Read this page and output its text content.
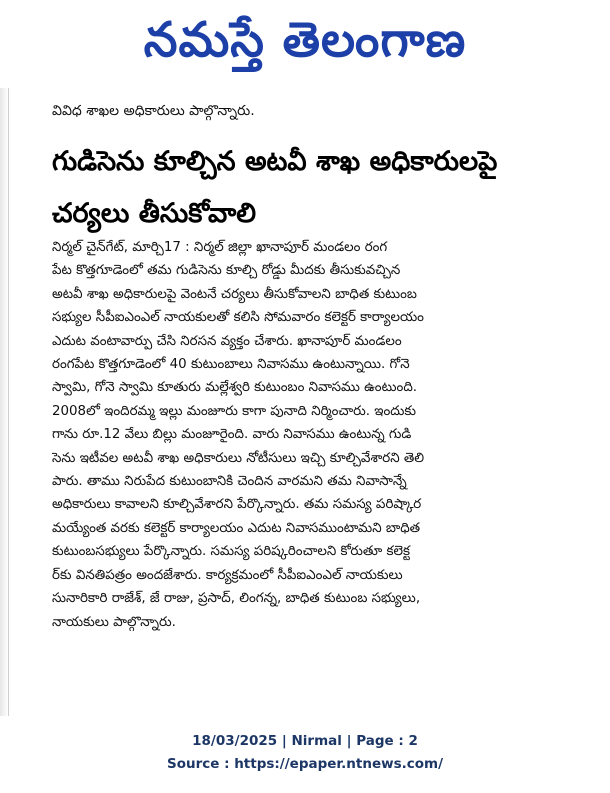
నమస్తే తెలంగాణ
వివిధ శాఖల అధికారులు పాల్గొన్నారు.
గుడిసెను కూల్చిన అటవీ శాఖ అధికారులపై
చర్యలు తీసుకోవాలి
నిర్మల్ చైన్‌గేట్, మార్చి17 : నిర్మల్ జిల్లా ఖానాపూర్ మండలం రంగ
పేట కొత్తగూడెంలో తమ గుడిసెను కూల్చి రోడ్డు మీదకు తీసుకువచ్చిన
అటవీ శాఖ అధికారులపై వెంటనే చర్యలు తీసుకోవాలని బాధిత కుటుంబ
సభ్యుల సీపీఐఎంఎల్ నాయకులతో కలిసి సోమవారం కలెక్టర్ కార్యాలయం
ఎదుట వంటావార్పు చేసి నిరసన వ్యక్తం చేశారు. ఖానాపూర్ మండలం
రంగపేట కొత్తగూడెంలో 40 కుటుంబాలు నివాసము ఉంటున్నాయి. గోనె
స్వామి, గోనె స్వామి కూతురు మల్లేశ్వరి కుటుంబం నివాసము ఉంటుంది.
2008లో ఇందిరమ్మ ఇల్లు మంజూరు కాగా పునాది నిర్మించారు. ఇందుకు
గాను రూ.12 వేలు బిల్లు మంజూరైంది. వారు నివాసము ఉంటున్న గుడి
సెను ఇటీవల అటవీ శాఖ అధికారులు నోటీసులు ఇచ్చి కూల్చివేశారని తెలి
పారు. తాము నిరుపేద కుటుంబానికి చెందిన వారమని తమ నివాసాన్నే
అధికారులు కావాలని కూల్చివేశారని పేర్కొన్నారు. తమ సమస్య పరిష్కార
మయ్యేంత వరకు కలెక్టర్ కార్యాలయం ఎదుట నివాసముంటామని బాధిత
కుటుంబసభ్యులు పేర్కొన్నారు. సమస్య పరిష్కరించాలని కోరుతూ కలెక్ట
ర్‌కు వినతిపత్రం అందజేశారు. కార్యక్రమంలో సీపీఐఎంఎల్ నాయకులు
సునారికారి రాజేశ్, జే రాజు, ప్రసాద్, లింగన్న, బాధిత కుటుంబ సభ్యులు,
నాయకులు పాల్గొన్నారు.
18/03/2025 | Nirmal | Page : 2
Source : https://epaper.ntnews.com/
